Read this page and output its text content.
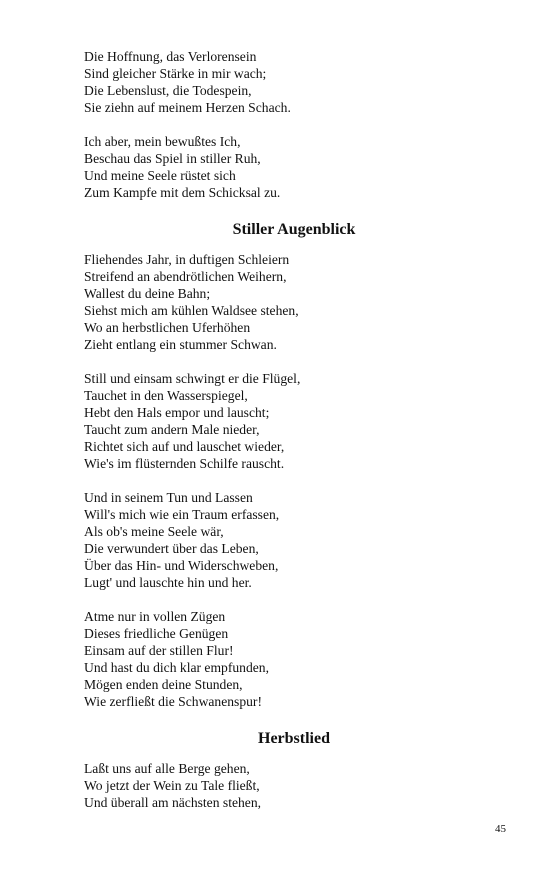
Die Hoffnung, das Verlorensein
Sind gleicher Stärke in mir wach;
Die Lebenslust, die Todespein,
Sie ziehn auf meinem Herzen Schach.
Ich aber, mein bewußtes Ich,
Beschau das Spiel in stiller Ruh,
Und meine Seele rüstet sich
Zum Kampfe mit dem Schicksal zu.
Stiller Augenblick
Fliehendes Jahr, in duftigen Schleiern
Streifend an abendrötlichen Weihern,
Wallest du deine Bahn;
Siehst mich am kühlen Waldsee stehen,
Wo an herbstlichen Uferhöhen
Zieht entlang ein stummer Schwan.
Still und einsam schwingt er die Flügel,
Tauchet in den Wasserspiegel,
Hebt den Hals empor und lauscht;
Taucht zum andern Male nieder,
Richtet sich auf und lauschet wieder,
Wie's im flüsternden Schilfe rauscht.
Und in seinem Tun und Lassen
Will's mich wie ein Traum erfassen,
Als ob's meine Seele wär,
Die verwundert über das Leben,
Über das Hin- und Widerschweben,
Lugt' und lauschte hin und her.
Atme nur in vollen Zügen
Dieses friedliche Genügen
Einsam auf der stillen Flur!
Und hast du dich klar empfunden,
Mögen enden deine Stunden,
Wie zerfließt die Schwanenspur!
Herbstlied
Laßt uns auf alle Berge gehen,
Wo jetzt der Wein zu Tale fließt,
Und überall am nächsten stehen,
45
